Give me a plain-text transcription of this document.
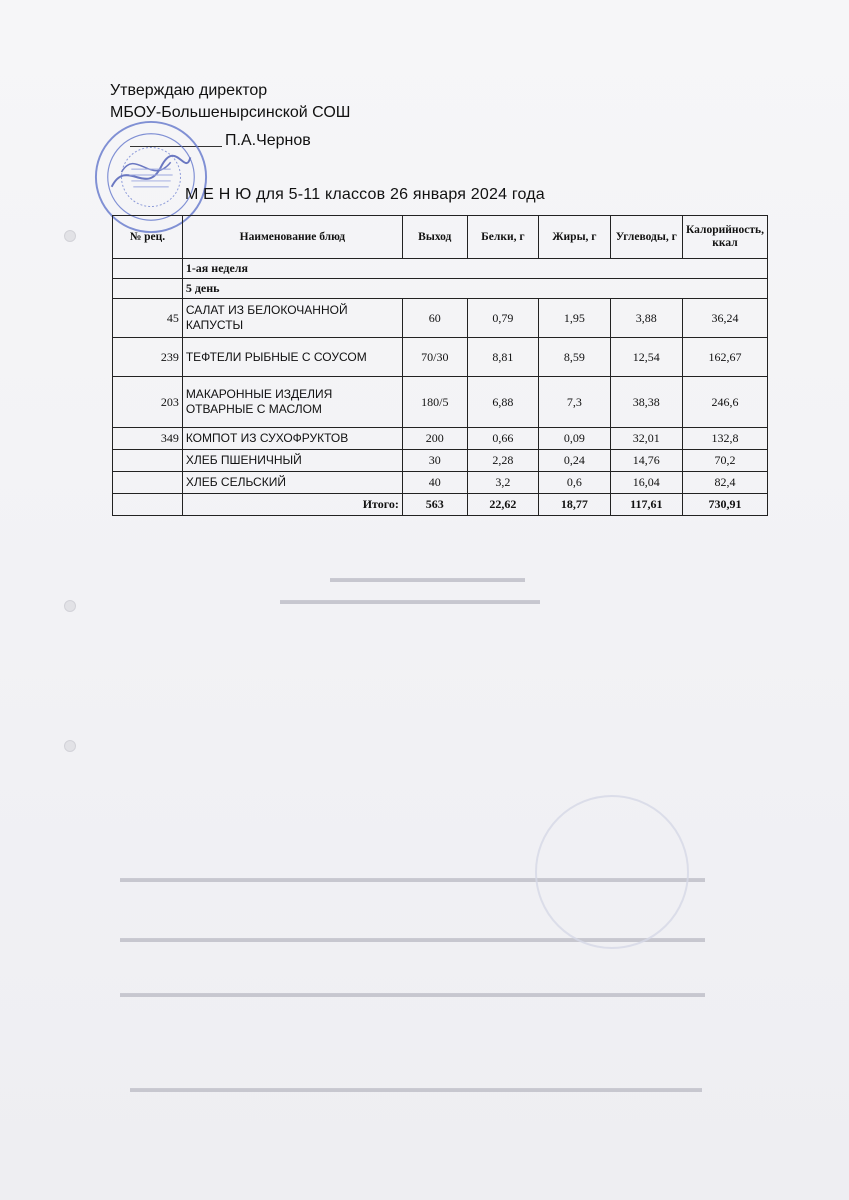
▬▬▬▬▬▬▬▬▬▬▬▬▬▬▬
▬▬▬▬▬▬▬▬▬▬▬▬▬▬▬▬▬▬▬▬
▬▬▬▬▬▬▬▬▬▬▬▬▬▬▬▬▬▬▬▬▬▬▬▬▬▬▬▬▬▬▬▬▬▬▬▬▬▬▬▬▬▬▬▬▬
▬▬▬▬▬▬▬▬▬▬▬▬▬▬▬▬▬▬▬▬▬▬▬▬▬▬▬▬▬▬▬▬▬▬▬▬▬▬▬▬▬▬▬▬▬
▬▬▬▬▬▬▬▬▬▬▬▬▬▬▬▬▬▬▬▬▬▬▬▬▬▬▬▬▬▬▬▬▬▬▬▬▬▬▬▬▬▬▬▬▬
▬▬▬▬▬▬▬▬▬▬▬▬▬▬▬▬▬▬▬▬▬▬▬▬▬▬▬▬▬▬▬▬▬▬▬▬▬▬▬▬▬▬▬▬
Утверждаю директор
МБОУ-Большенырсинской СОШ
П.А.Чернов
М Е Н Ю для 5-11 классов 26 января 2024 года
№ рец.	Наименование блюд	Выход	Белки, г	Жиры, г	Углеводы, г	Калорийность, ккал
	1-ая неделя					
	5 день					
45	САЛАТ ИЗ БЕЛОКОЧАННОЙ КАПУСТЫ	60	0,79	1,95	3,88	36,24
239	ТЕФТЕЛИ РЫБНЫЕ С СОУСОМ	70/30	8,81	8,59	12,54	162,67
203	МАКАРОННЫЕ ИЗДЕЛИЯ ОТВАРНЫЕ С МАСЛОМ	180/5	6,88	7,3	38,38	246,6
349	КОМПОТ ИЗ СУХОФРУКТОВ	200	0,66	0,09	32,01	132,8
	ХЛЕБ ПШЕНИЧНЫЙ	30	2,28	0,24	14,76	70,2
	ХЛЕБ СЕЛЬСКИЙ	40	3,2	0,6	16,04	82,4
	Итого:	563	22,62	18,77	117,61	730,91
